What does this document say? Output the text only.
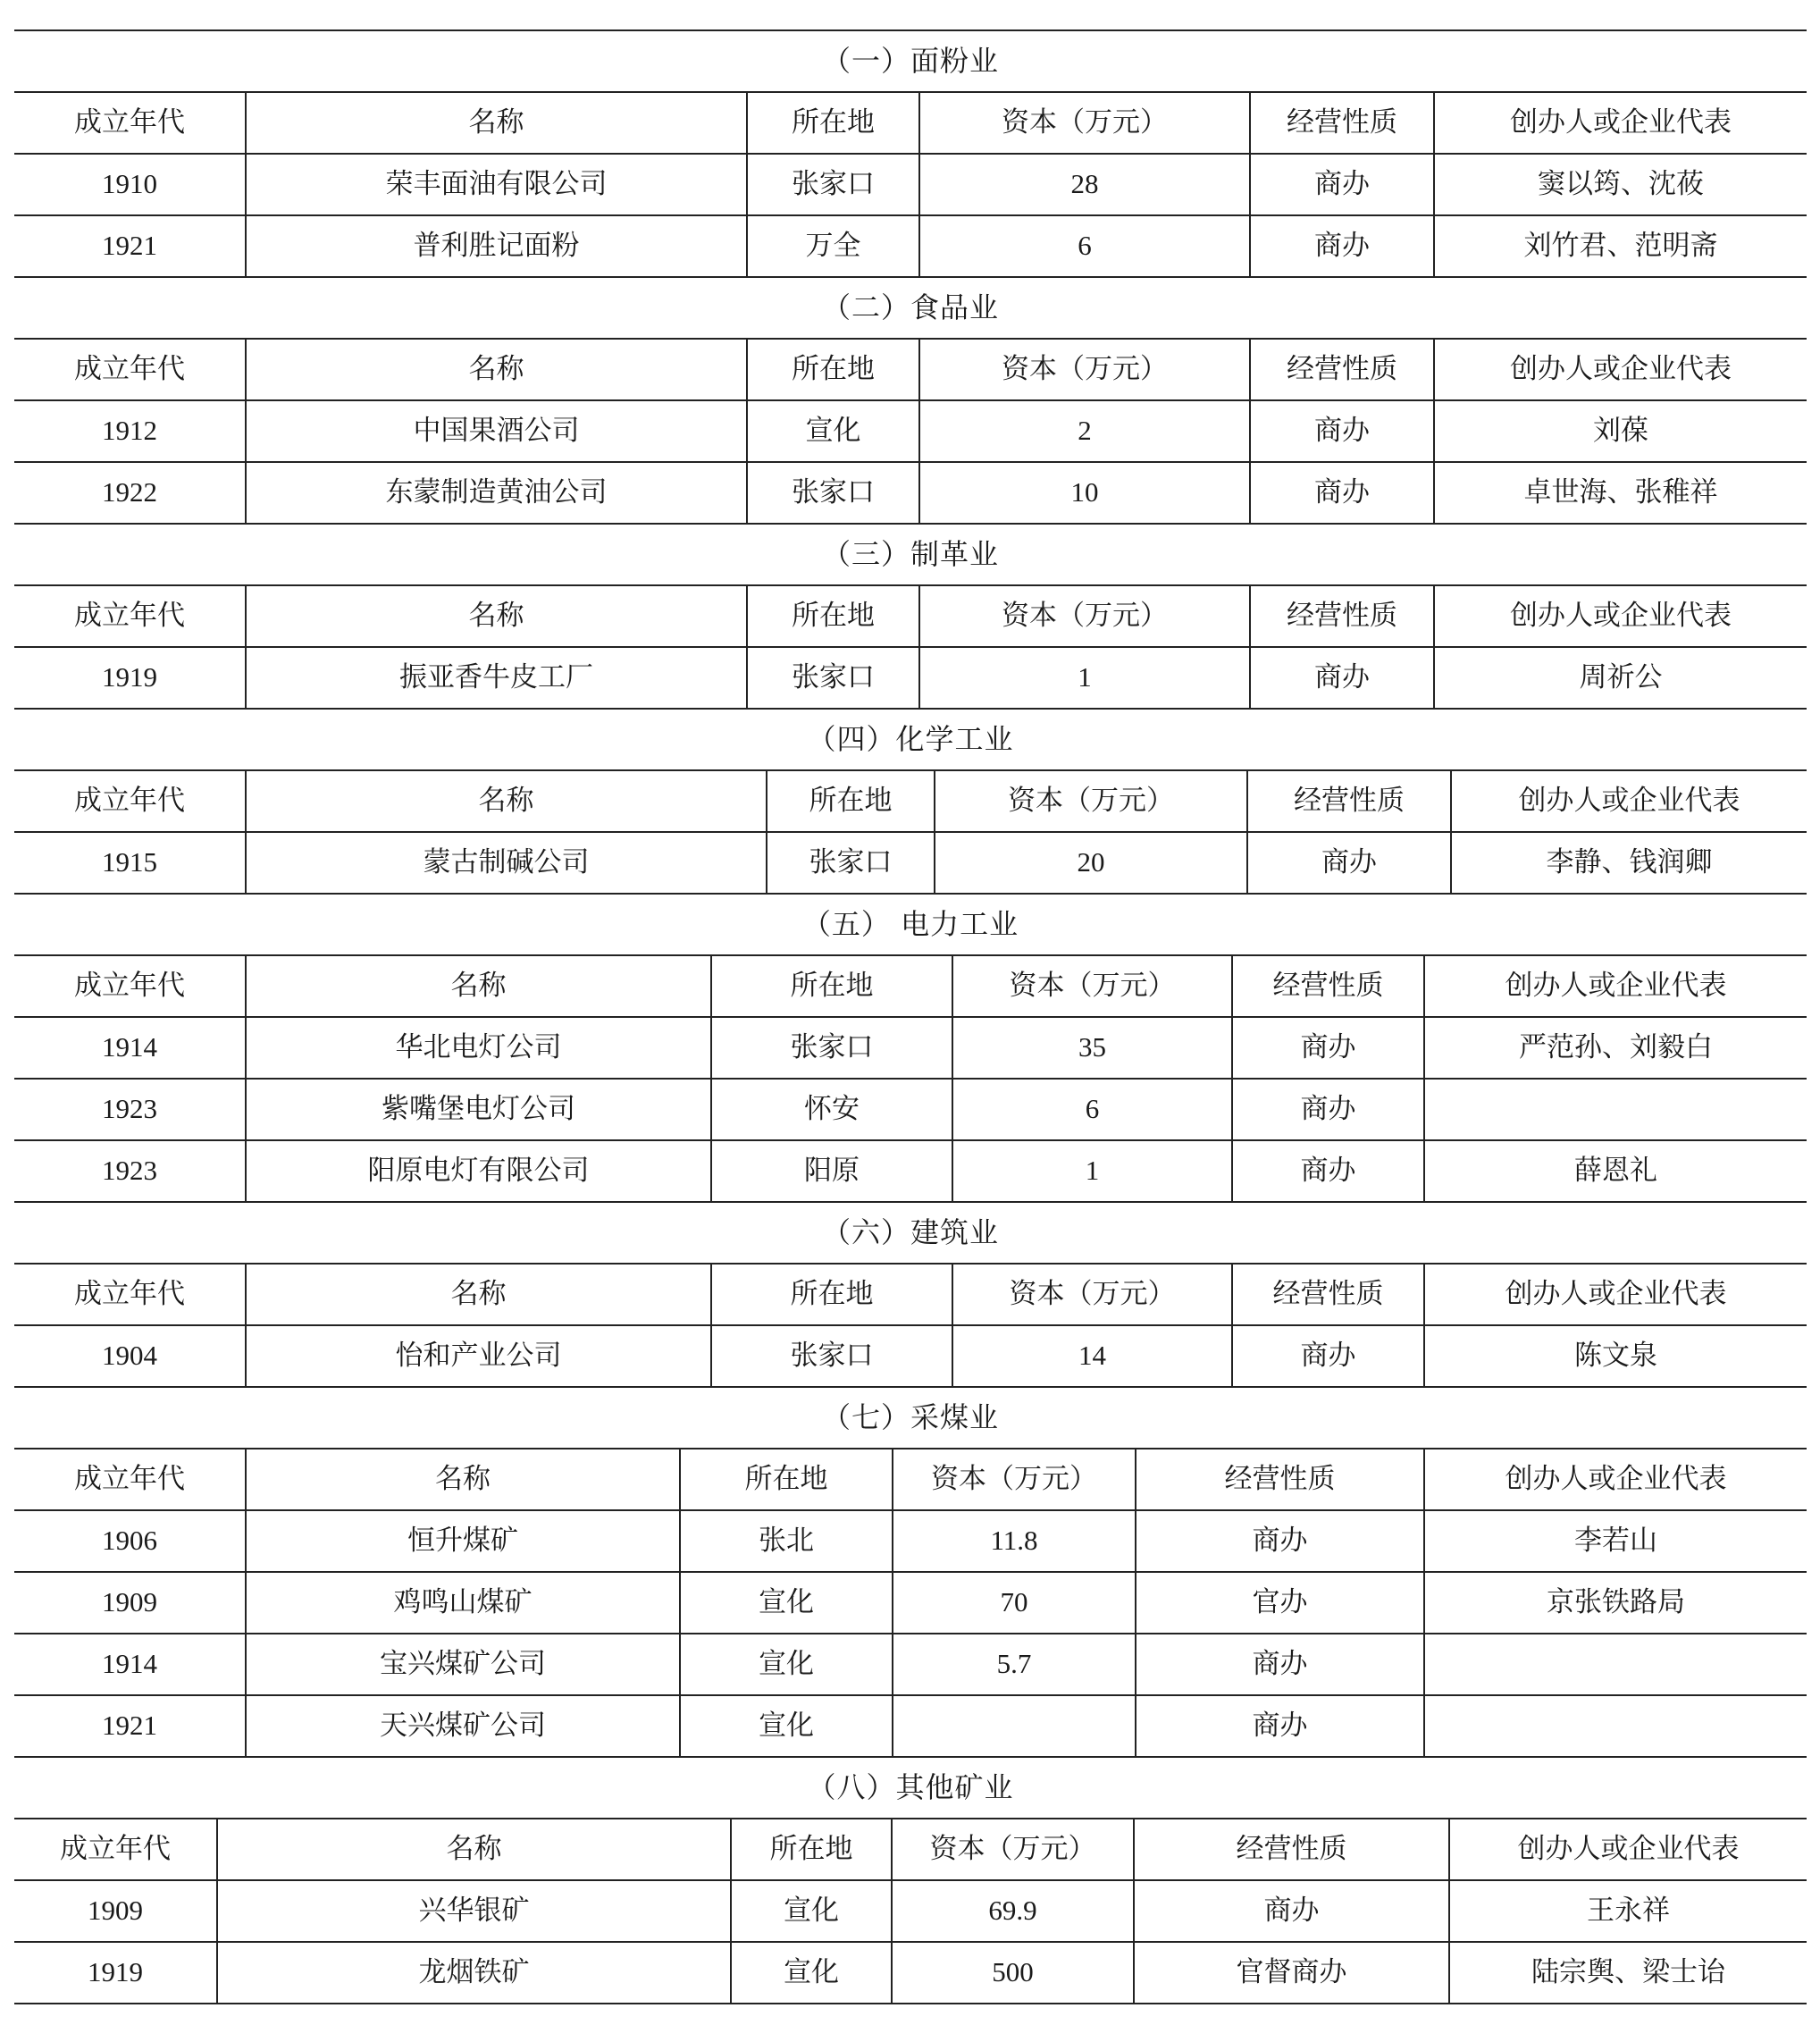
（一）面粉业
成立年代	名称	所在地	资本（万元）	经营性质	创办人或企业代表
1910	荣丰面油有限公司	张家口	28	商办	窦以筠、沈莜
1921	普利胜记面粉	万全	6	商办	刘竹君、范明斋
（二）食品业
成立年代	名称	所在地	资本（万元）	经营性质	创办人或企业代表
1912	中国果酒公司	宣化	2	商办	刘葆
1922	东蒙制造黄油公司	张家口	10	商办	卓世海、张稚祥
（三）制革业
成立年代	名称	所在地	资本（万元）	经营性质	创办人或企业代表
1919	振亚香牛皮工厂	张家口	1	商办	周祈公
（四）化学工业
成立年代	名称	所在地	资本（万元）	经营性质	创办人或企业代表
1915	蒙古制碱公司	张家口	20	商办	李静、钱润卿
（五） 电力工业
成立年代	名称	所在地	资本（万元）	经营性质	创办人或企业代表
1914	华北电灯公司	张家口	35	商办	严范孙、刘毅白
1923	紫嘴堡电灯公司	怀安	6	商办	
1923	阳原电灯有限公司	阳原	1	商办	薛恩礼
（六）建筑业
成立年代	名称	所在地	资本（万元）	经营性质	创办人或企业代表
1904	怡和产业公司	张家口	14	商办	陈文泉
（七）采煤业
成立年代	名称	所在地	资本（万元）	经营性质	创办人或企业代表
1906	恒升煤矿	张北	11.8	商办	李若山
1909	鸡鸣山煤矿	宣化	70	官办	京张铁路局
1914	宝兴煤矿公司	宣化	5.7	商办	
1921	天兴煤矿公司	宣化		商办	
（八）其他矿业
成立年代	名称	所在地	资本（万元）	经营性质	创办人或企业代表
1909	兴华银矿	宣化	69.9	商办	王永祥
1919	龙烟铁矿	宣化	500	官督商办	陆宗舆、梁士诒
